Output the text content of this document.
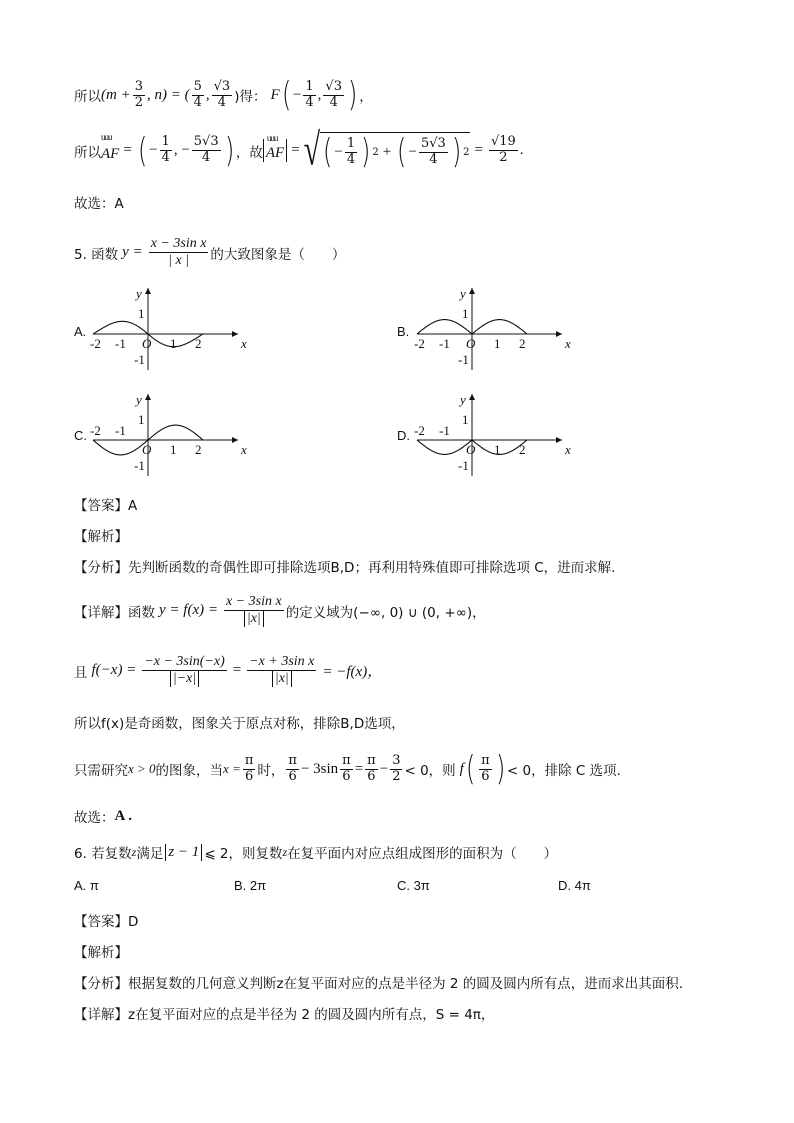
所以 ($m + \frac{3}{2}$ , n) = ( $\frac{5}{4}$ , $\frac{√3}{4}$ )得： F ( − $\frac{1}{4}$ , $\frac{√3}{4}$ ) ，
所以
uuu
AF = ( − $\frac{1}{4}$ , − $\frac{5√3}{4}$ ) ，故
uuu
AF = √ ( − $\frac{1}{4}$ ) 2 + ( − $\frac{5√3}{4}$ ) $2 = \frac{√19}{2}$ .
故选：A
5. 函数 $y = \frac{\text{x − 3sin x}}{| x |}$ 的大致图象是（　　）
A.
y
x
1
-1
-2 -1 O 1 2
B.
y
x
1
-1
-2 -1 O 1 2
C.
y
x
1
-1
-2 -1
O 1 2
D.
y
x
1
-1
-2 -1
O 1 2
【答案】A
【解析】
【分析】先判断函数的奇偶性即可排除选项B,D；再利用特殊值即可排除选项 C，进而求解.
【详解】函数 $y = f(x) = \frac{\text{x − 3sin x}}{|x|}$ 的定义域为(−∞, 0) ∪ (0, +∞)，
且 $f(-x) = \frac{-x - 3\sin(-x)}{|-x|} = \frac{\text{−x + 3sin x}}{|x|} = -f(x)$，
所以f(x)是奇函数，图象关于原点对称，排除B,D选项，
只需研究 x > 0 的图象，当 $x = \frac{\pi}{6}$ 时， $\frac{\pi}{6} - 3\sin \frac{\pi}{6} = \frac{\pi}{6} - \frac{3}{2} < 0$，则 f ( $\frac{\pi}{6}$ ) < 0，排除 C 选项.
故选： A .
6. 若复数 z 满足 z − 1 ⩽ 2，则复数 z 在复平面内对应点组成图形的面积为（　　）
A. π	B. 2π	C. 3π	D. 4π
【答案】D
【解析】
【分析】根据复数的几何意义判断z在复平面对应的点是半径为 2 的圆及圆内所有点，进而求出其面积.
【详解】z在复平面对应的点是半径为 2 的圆及圆内所有点，S = 4π，
